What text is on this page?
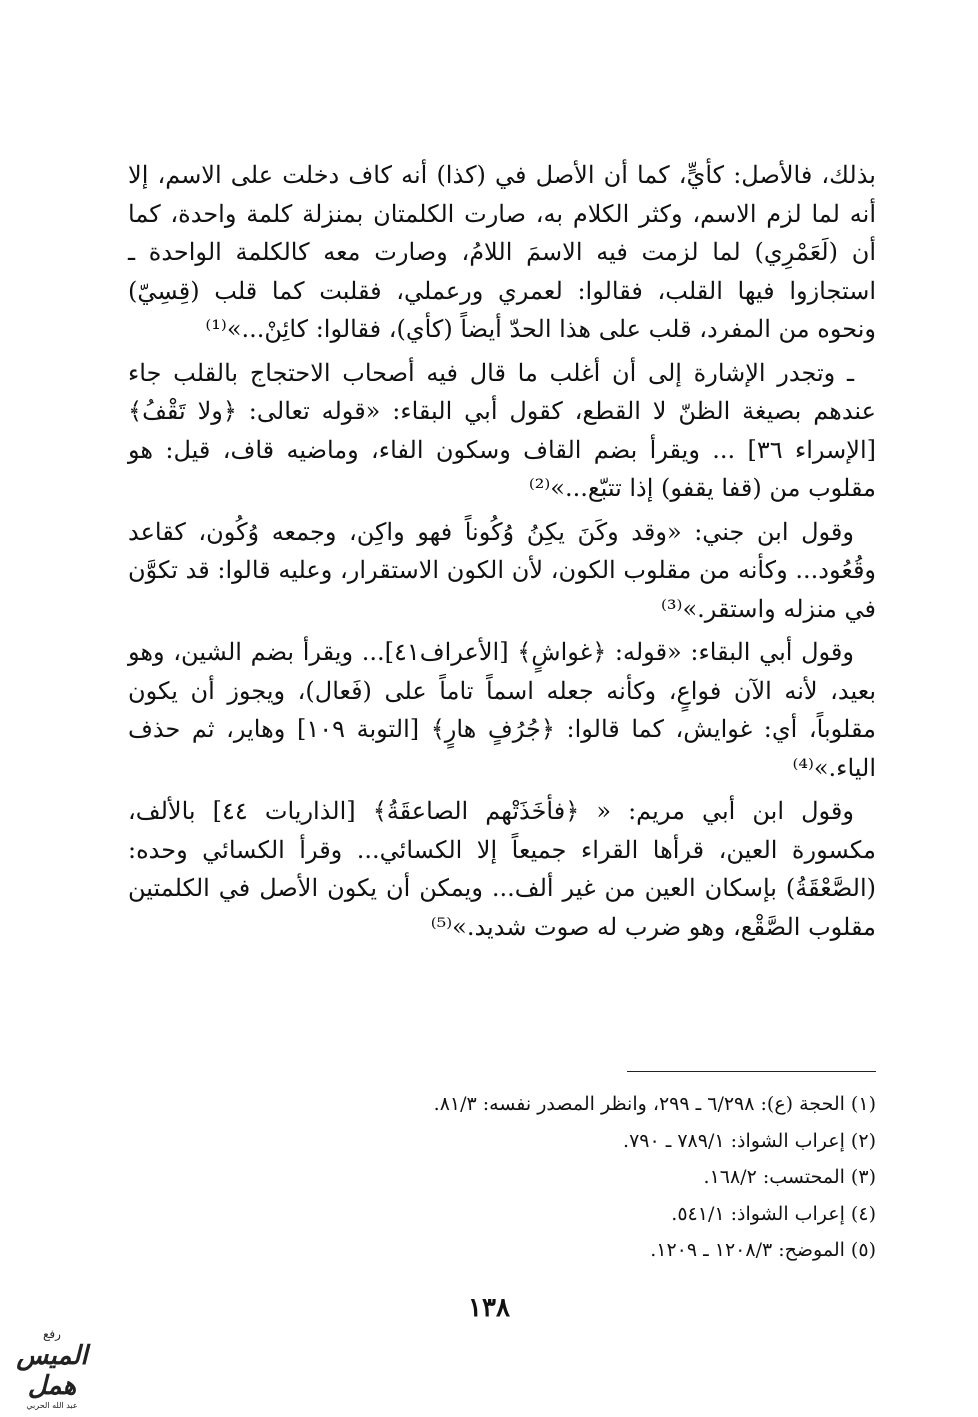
بذلك، فالأصل: كأيٍّ، كما أن الأصل في (كذا) أنه كاف دخلت على الاسم، إلا أنه لما لزم الاسم، وكثر الكلام به، صارت الكلمتان بمنزلة كلمة واحدة، كما أن (لَعَمْرِي) لما لزمت فيه الاسمَ اللامُ، وصارت معه كالكلمة الواحدة ـ استجازوا فيها القلب، فقالوا: لعمري ورعملي، فقلبت كما قلب (قِسِيّ) ونحوه من المفرد، قلب على هذا الحدّ أيضاً (كأي)، فقالوا: كائِنْ...»⁽¹⁾

ـ وتجدر الإشارة إلى أن أغلب ما قال فيه أصحاب الاحتجاج بالقلب جاء عندهم بصيغة الظنّ لا القطع، كقول أبي البقاء: «قوله تعالى: ﴿ولا تَقْفُ﴾ [الإسراء ٣٦] ... ويقرأ بضم القاف وسكون الفاء، وماضيه قاف، قيل: هو مقلوب من (قفا يقفو) إذا تتبّع...»⁽²⁾

وقول ابن جني: «وقد وكَنَ يكِنُ وُكُوناً فهو واكِن، وجمعه وُكُون، كقاعد وقُعُود... وكأنه من مقلوب الكون، لأن الكون الاستقرار، وعليه قالوا: قد تكوَّن في منزله واستقر.»⁽³⁾

وقول أبي البقاء: «قوله: ﴿غواشٍ﴾ [الأعراف٤١]... ويقرأ بضم الشين، وهو بعيد، لأنه الآن فواعٍ، وكأنه جعله اسماً تاماً على (فَعال)، ويجوز أن يكون مقلوباً، أي: غوايش، كما قالوا: ﴿جُرُفٍ هارٍ﴾ [التوبة ١٠٩] وهاير، ثم حذف الياء.»⁽⁴⁾

وقول ابن أبي مريم: « ﴿فأخَذَتْهم الصاعقَةُ﴾ [الذاريات ٤٤] بالألف، مكسورة العين، قرأها القراء جميعاً إلا الكسائي... وقرأ الكسائي وحده: (الصَّعْقَةُ) بإسكان العين من غير ألف... ويمكن أن يكون الأصل في الكلمتين مقلوب الصَّقْع، وهو ضرب له صوت شديد.»⁽⁵⁾

(١) الحجة (ع): ٦/٢٩٨ ـ ٢٩٩، وانظر المصدر نفسه: ٨١/٣.

(٢) إعراب الشواذ: ٧٨٩/١ ـ ٧٩٠.

(٣) المحتسب: ١٦٨/٢.

(٤) إعراب الشواذ: ٥٤١/١.

(٥) الموضح: ١٢٠٨/٣ ـ ١٢٠٩.

١٣٨
رفع
الميس همل
عبد الله الحربي
